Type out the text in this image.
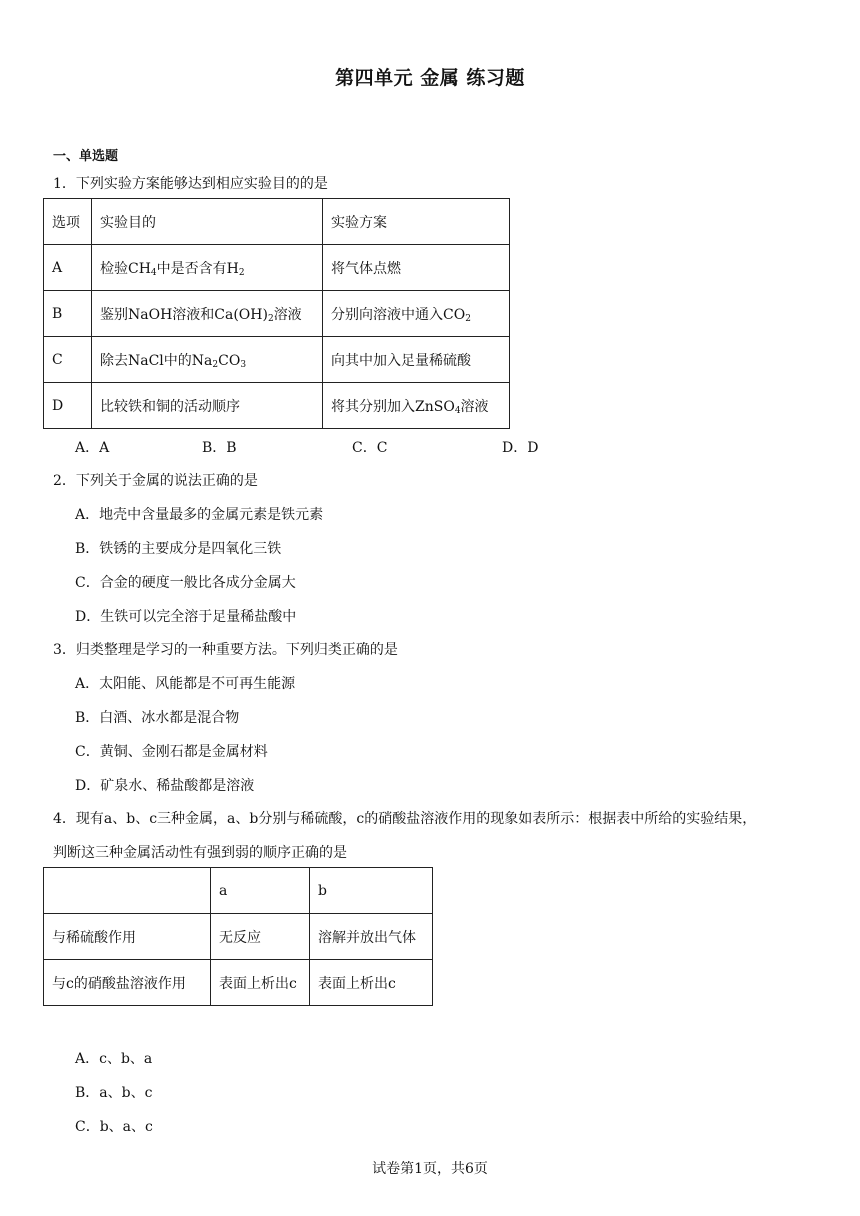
第四单元 金属 练习题
一、单选题
1．下列实验方案能够达到相应实验目的的是
选项	实验目的	实验方案
A	检验$CH_4$中是否含有$H_2$	将气体点燃
B	鉴别NaOH溶液和$Ca(OH)_2$溶液	分别向溶液中通入$CO_2$
C	除去NaCl中的$Na_2CO_3$	向其中加入足量稀硫酸
D	比较铁和铜的活动顺序	将其分别加入ZnSO$_4$溶液
A．A	B．B	C．C	D．D
2．下列关于金属的说法正确的是
A．地壳中含量最多的金属元素是铁元素
B．铁锈的主要成分是四氧化三铁
C．合金的硬度一般比各成分金属大
D．生铁可以完全溶于足量稀盐酸中
3．归类整理是学习的一种重要方法。下列归类正确的是
A．太阳能、风能都是不可再生能源
B．白酒、冰水都是混合物
C．黄铜、金刚石都是金属材料
D．矿泉水、稀盐酸都是溶液
4．现有a、b、c三种金属，a、b分别与稀硫酸，c的硝酸盐溶液作用的现象如表所示：根据表中所给的实验结果，
判断这三种金属活动性有强到弱的顺序正确的是
	a	b
与稀硫酸作用	无反应	溶解并放出气体
与c的硝酸盐溶液作用	表面上析出c	表面上析出c
A．c、b、a
B．a、b、c
C．b、a、c
试卷第1页，共6页
